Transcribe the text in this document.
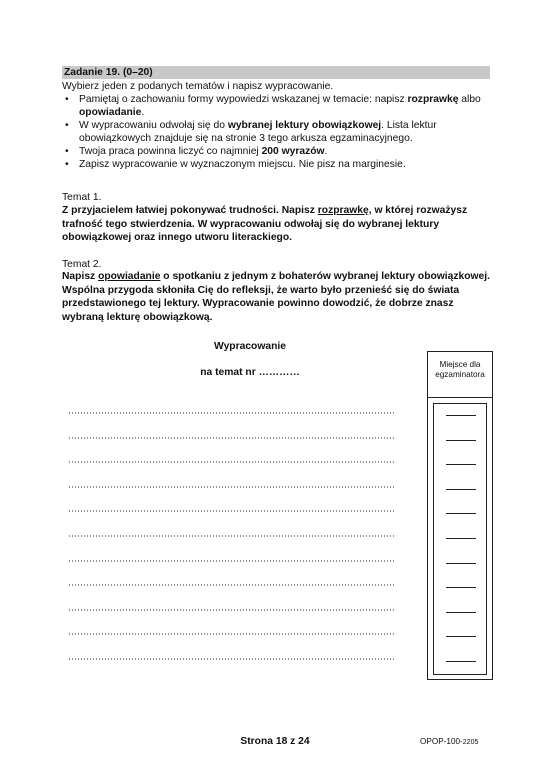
Zadanie 19. (0–20)
Wybierz jeden z podanych tematów i napisz wypracowanie.
• Pamiętaj o zachowaniu formy wypowiedzi wskazanej w temacie: napisz rozprawkę albo
opowiadanie.
• W wypracowaniu odwołaj się do wybranej lektury obowiązkowej. Lista lektur obowiązkowych znajduje się na stronie 3 tego arkusza egzaminacyjnego.
• Twoja praca powinna liczyć co najmniej 200 wyrazów.
• Zapisz wypracowanie w wyznaczonym miejscu. Nie pisz na marginesie.
Temat 1.
Z przyjacielem łatwiej pokonywać trudności. Napisz rozprawkę, w której rozważysz trafność tego stwierdzenia. W wypracowaniu odwołaj się do wybranej lektury obowiązkowej oraz innego utworu literackiego.
Temat 2.
Napisz opowiadanie o spotkaniu z jednym z bohaterów wybranej lektury obowiązkowej. Wspólna przygoda skłoniła Cię do refleksji, że warto było przenieść się do świata przedstawionego tej lektury. Wypracowanie powinno dowodzić, że dobrze znasz wybraną lekturę obowiązkową.
Wypracowanie
na temat nr …………
Miejsce dla
egzaminatora
Strona 18 z 24	OPOP-100-2205
